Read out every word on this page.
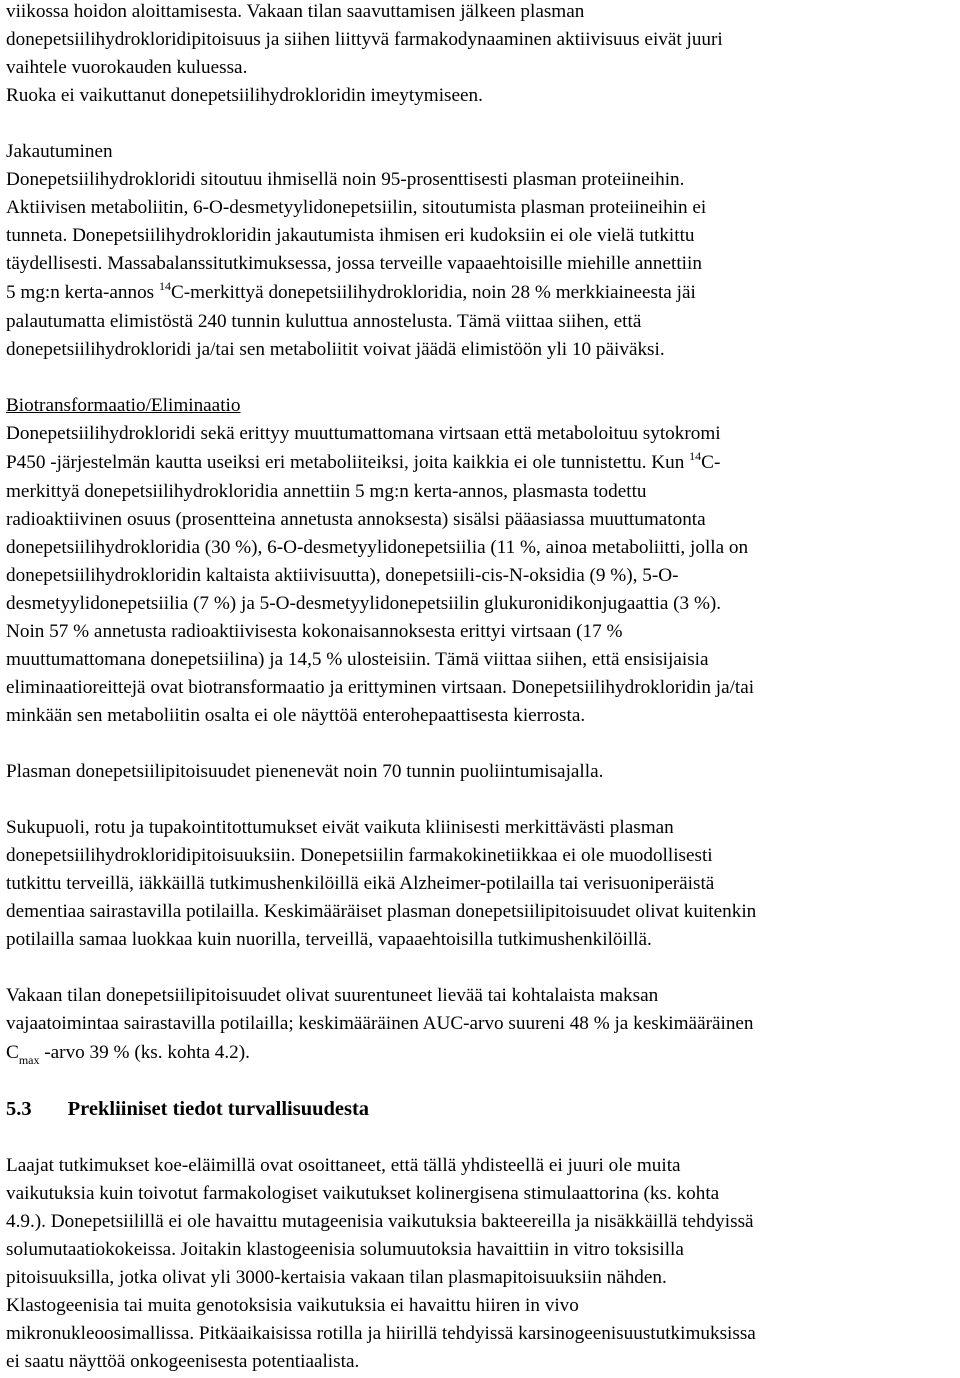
viikossa hoidon aloittamisesta. Vakaan tilan saavuttamisen jälkeen plasman
donepetsiilihydrokloridipitoisuus ja siihen liittyvä farmakodynaaminen aktiivisuus eivät juuri
vaihtele vuorokauden kuluessa.
Ruoka ei vaikuttanut donepetsiilihydrokloridin imeytymiseen.
Jakautuminen
Donepetsiilihydrokloridi sitoutuu ihmisellä noin 95-prosenttisesti plasman proteiineihin.
Aktiivisen metaboliitin, 6-O-desmetyylidonepetsiilin, sitoutumista plasman proteiineihin ei
tunneta. Donepetsiilihydrokloridin jakautumista ihmisen eri kudoksiin ei ole vielä tutkittu
täydellisesti. Massabalanssitutkimuksessa, jossa terveille vapaaehtoisille miehille annettiin
5 mg:n kerta-annos $^{14}$C-merkittyä donepetsiilihydrokloridia, noin 28 % merkkiaineesta jäi
palautumatta elimistöstä 240 tunnin kuluttua annostelusta. Tämä viittaa siihen, että
donepetsiilihydrokloridi ja/tai sen metaboliitit voivat jäädä elimistöön yli 10 päiväksi.
Biotransformaatio/Eliminaatio
Donepetsiilihydrokloridi sekä erittyy muuttumattomana virtsaan että metaboloituu sytokromi
P450 -järjestelmän kautta useiksi eri metaboliiteiksi, joita kaikkia ei ole tunnistettu. Kun $^{14}$C-
merkittyä donepetsiilihydrokloridia annettiin 5 mg:n kerta-annos, plasmasta todettu
radioaktiivinen osuus (prosentteina annetusta annoksesta) sisälsi pääasiassa muuttumatonta
donepetsiilihydrokloridia (30 %), 6-O-desmetyylidonepetsiilia (11 %, ainoa metaboliitti, jolla on
donepetsiilihydrokloridin kaltaista aktiivisuutta), donepetsiili-cis-N-oksidia (9 %), 5-O-
desmetyylidonepetsiilia (7 %) ja 5-O-desmetyylidonepetsiilin glukuronidikonjugaattia (3 %).
Noin 57 % annetusta radioaktiivisesta kokonaisannoksesta erittyi virtsaan (17 %
muuttumattomana donepetsiilina) ja 14,5 % ulosteisiin. Tämä viittaa siihen, että ensisijaisia
eliminaatioreittejä ovat biotransformaatio ja erittyminen virtsaan. Donepetsiilihydrokloridin ja/tai
minkään sen metaboliitin osalta ei ole näyttöä enterohepaattisesta kierrosta.
Plasman donepetsiilipitoisuudet pienenevät noin 70 tunnin puoliintumisajalla.
Sukupuoli, rotu ja tupakointitottumukset eivät vaikuta kliinisesti merkittävästi plasman
donepetsiilihydrokloridipitoisuuksiin. Donepetsiilin farmakokinetiikkaa ei ole muodollisesti
tutkittu terveillä, iäkkäillä tutkimushenkilöillä eikä Alzheimer-potilailla tai verisuoniperäistä
dementiaa sairastavilla potilailla. Keskimääräiset plasman donepetsiilipitoisuudet olivat kuitenkin
potilailla samaa luokkaa kuin nuorilla, terveillä, vapaaehtoisilla tutkimushenkilöillä.
Vakaan tilan donepetsiilipitoisuudet olivat suurentuneet lievää tai kohtalaista maksan
vajaatoimintaa sairastavilla potilailla; keskimääräinen AUC-arvo suureni 48 % ja keskimääräinen
$C_{max}$ -arvo 39 % (ks. kohta 4.2).
5.3 Prekliiniset tiedot turvallisuudesta
Laajat tutkimukset koe-eläimillä ovat osoittaneet, että tällä yhdisteellä ei juuri ole muita
vaikutuksia kuin toivotut farmakologiset vaikutukset kolinergisena stimulaattorina (ks. kohta
4.9.). Donepetsiilillä ei ole havaittu mutageenisia vaikutuksia bakteereilla ja nisäkkäillä tehdyissä
solumutaatiokokeissa. Joitakin klastogeenisia solumuutoksia havaittiin in vitro toksisilla
pitoisuuksilla, jotka olivat yli 3000-kertaisia vakaan tilan plasmapitoisuuksiin nähden.
Klastogeenisia tai muita genotoksisia vaikutuksia ei havaittu hiiren in vivo
mikronukleoosimallissa. Pitkäaikaisissa rotilla ja hiirillä tehdyissä karsinogeenisuustutkimuksissa
ei saatu näyttöä onkogeenisesta potentiaalista.
